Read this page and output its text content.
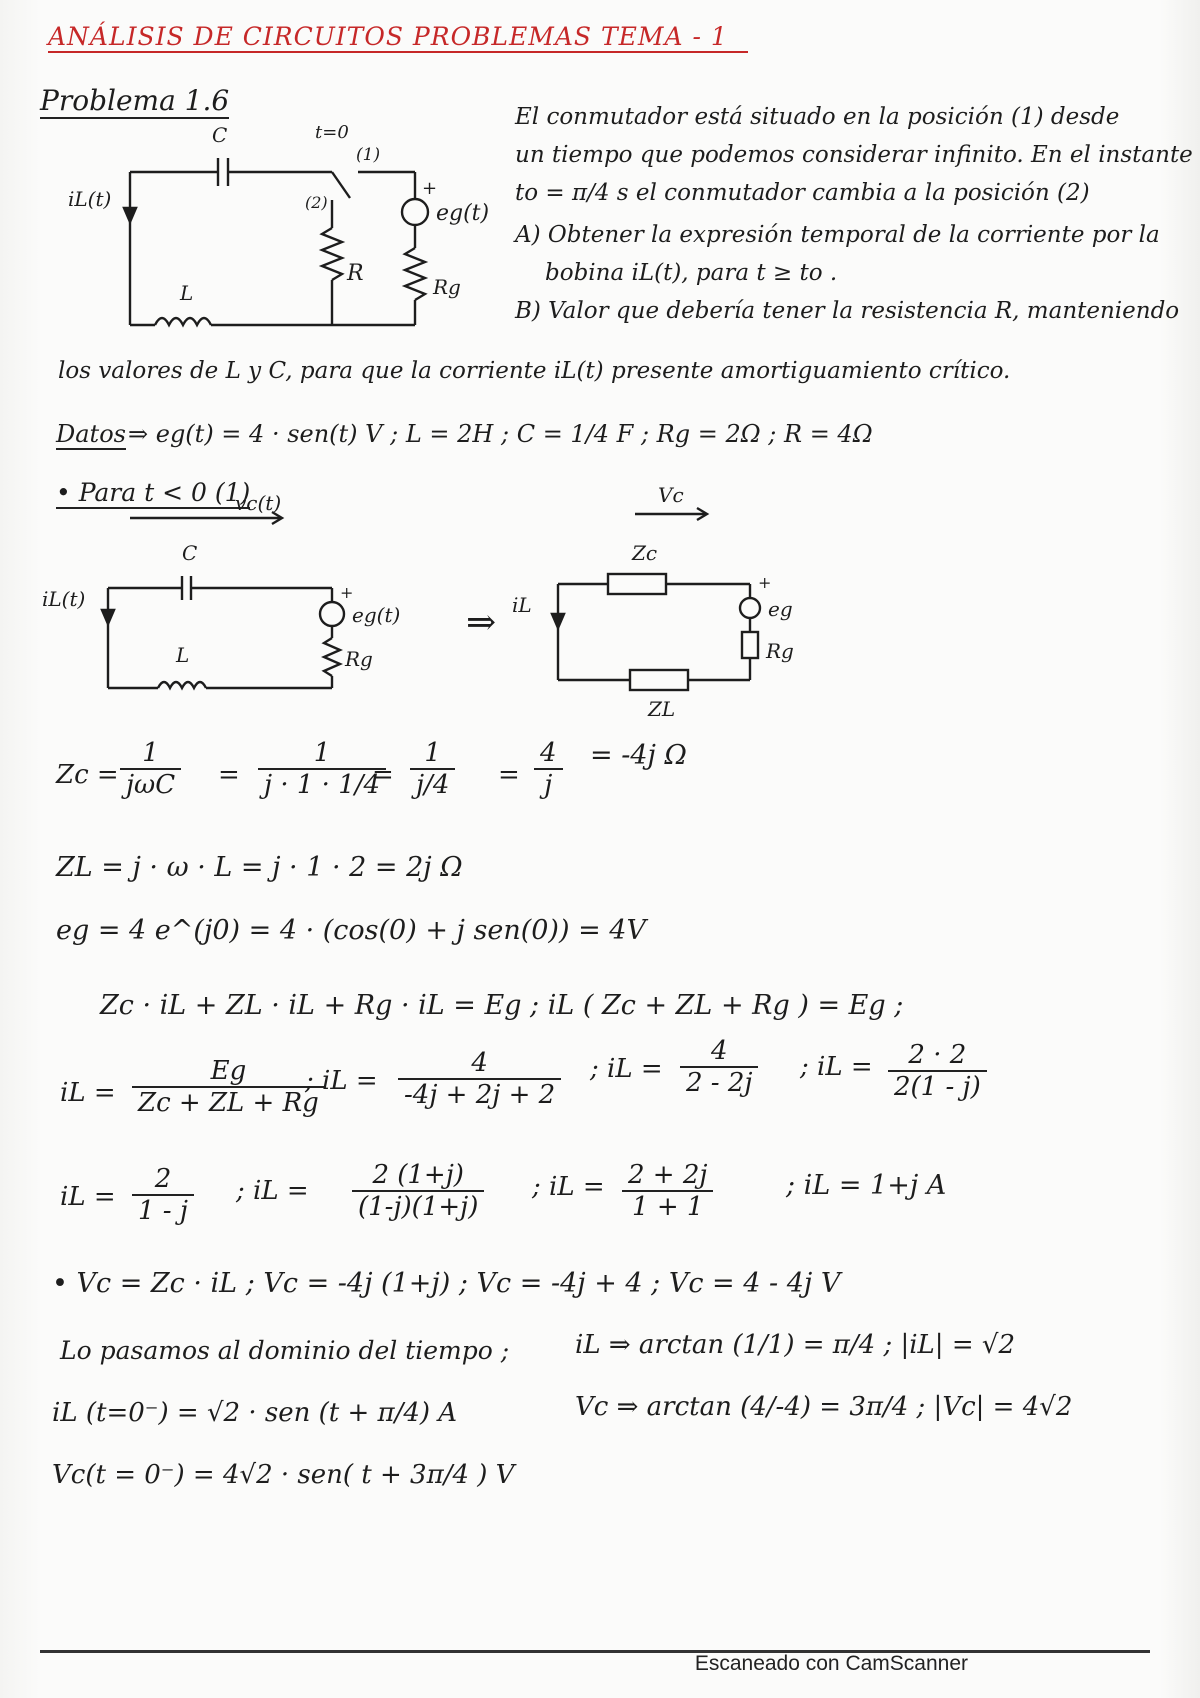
ANÁLISIS DE CIRCUITOS PROBLEMAS TEMA - 1
Problema 1.6	El conmutador está situado en la posición (1) desde
un tiempo que podemos considerar infinito. En el instante
to = π/4 s el conmutador cambia a la posición (2)
A) Obtener la expresión temporal de la corriente por la
bobina iL(t), para t ≥ to .
B) Valor que debería tener la resistencia R, manteniendo
los valores de L y C, para que la corriente iL(t) presente amortiguamiento crítico.
Datos ⇒ eg(t) = 4 · sen(t) V ; L = 2H ; C = 1/4 F ; Rg = 2Ω ; R = 4Ω
C	t=0
(1)
(2)
iL(t)	+
eg(t)
R
Rg
L
• Para t < 0 (1)
vc(t)
C
iL(t)	+
eg(t)
Rg
L
⇒
Vc
Zc
iL
+
eg
Rg
ZL
Zc =
1
$j\omega C = \frac{1}{j \cdot 1 \cdot 1/4}$
= $\frac{1}{j/4} = \frac{4}{j} = -4j$ Ω
ZL = j · ω · L = j · 1 · 2 = 2j Ω
eg = 4 e^(j0) = 4 · (cos(0) + j sen(0)) = 4V
Zc · iL + ZL · iL + Rg · iL = Eg ; iL ( Zc + ZL + Rg ) = Eg ;
iL = $\frac{Eg}{Zc + ZL + Rg}$
; iL = $\frac{4}{-4j + 2j + 2}$ ; iL = $\frac{4}{2 - 2j}$ ; iL = $\frac{2 \cdot 2}{2(1 - j)}$
iL = $\frac{2}{1 - j}$ ; iL = $\frac{2 (1+j)}{(1-j)(1+j)}$ ; iL = $\frac{2 + 2j}{1 + 1}$	; iL = 1+j A
• Vc = Zc · iL ; Vc = -4j (1+j) ; Vc = -4j + 4 ; Vc = 4 - 4j V
Lo pasamos al dominio del tiempo ;	iL ⇒ arctan (1/1) = π/4 ; |iL| = √2
Vc ⇒ arctan (4/-4) = 3π/4 ; |Vc| = 4√2
iL (t=0⁻) = √2 · sen (t + π/4) A
Vc(t = 0⁻) = 4√2 · sen( t + 3π/4 ) V
Escaneado con CamScanner
